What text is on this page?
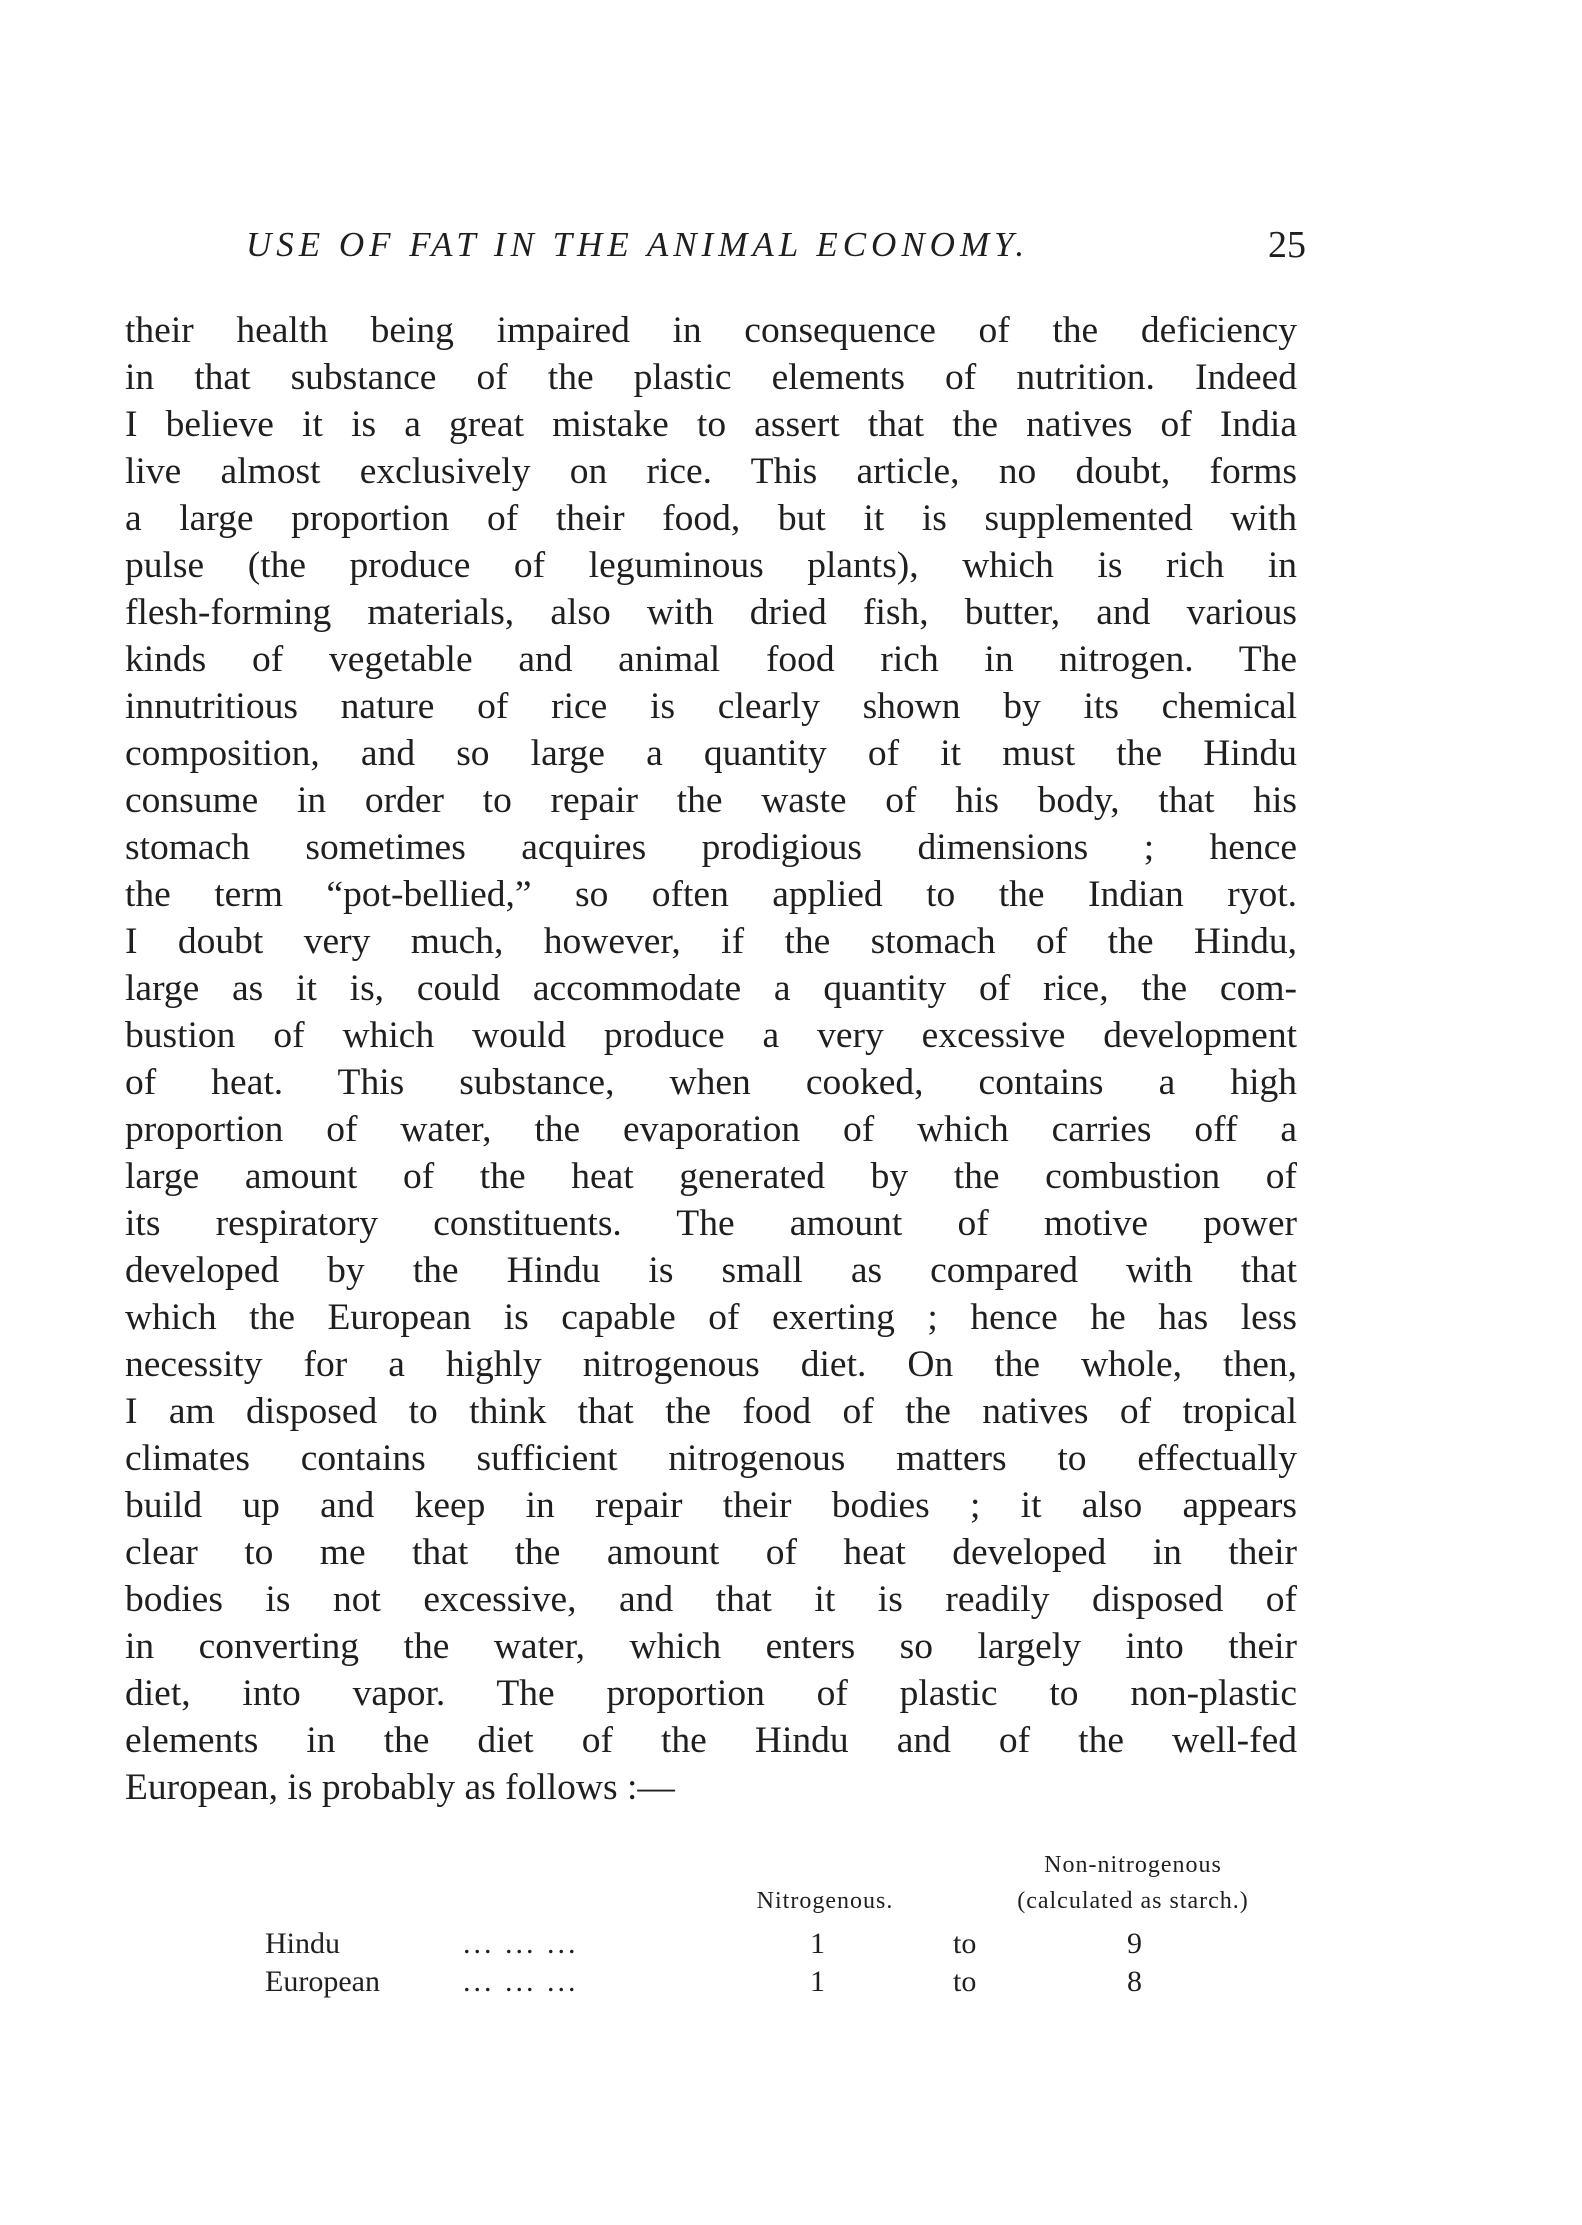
USE OF FAT IN THE ANIMAL ECONOMY.	25
their health being impaired in consequence of the deficiency
in that substance of the plastic elements of nutrition. Indeed
I believe it is a great mistake to assert that the natives of India
live almost exclusively on rice. This article, no doubt, forms
a large proportion of their food, but it is supplemented with
pulse (the produce of leguminous plants), which is rich in
flesh-forming materials, also with dried fish, butter, and various
kinds of vegetable and animal food rich in nitrogen. The
innutritious nature of rice is clearly shown by its chemical
composition, and so large a quantity of it must the Hindu
consume in order to repair the waste of his body, that his
stomach sometimes acquires prodigious dimensions ; hence
the term “pot-bellied,” so often applied to the Indian ryot.
I doubt very much, however, if the stomach of the Hindu,
large as it is, could accommodate a quantity of rice, the com-
bustion of which would produce a very excessive development
of heat. This substance, when cooked, contains a high
proportion of water, the evaporation of which carries off a
large amount of the heat generated by the combustion of
its respiratory constituents. The amount of motive power
developed by the Hindu is small as compared with that
which the European is capable of exerting ; hence he has less
necessity for a highly nitrogenous diet. On the whole, then,
I am disposed to think that the food of the natives of tropical
climates contains sufficient nitrogenous matters to effectually
build up and keep in repair their bodies ; it also appears
clear to me that the amount of heat developed in their
bodies is not excessive, and that it is readily disposed of
in converting the water, which enters so largely into their
diet, into vapor. The proportion of plastic to non-plastic
elements in the diet of the Hindu and of the well-fed
European, is probably as follows :—
Non-nitrogenous
Nitrogenous.	(calculated as starch.)
Hindu	... ... ...	1	to	9
European	... ... ...	1	to	8
